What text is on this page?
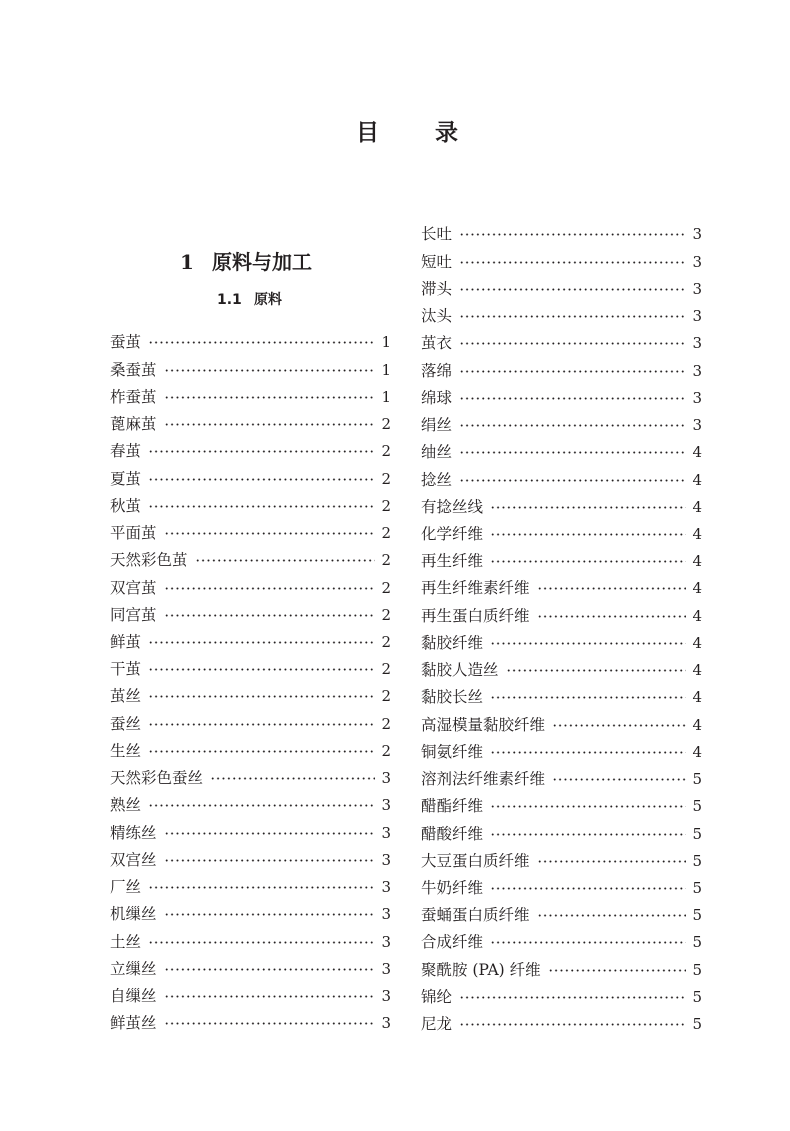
目录
1 原料与加工
1.1 原料
蚕茧	1
桑蚕茧	1
柞蚕茧	1
蓖麻茧	2
春茧	2
夏茧	2
秋茧	2
平面茧	2
天然彩色茧	2
双宫茧	2
同宫茧	2
鲜茧	2
干茧	2
茧丝	2
蚕丝	2
生丝	2
天然彩色蚕丝	3
熟丝	3
精练丝	3
双宫丝	3
厂丝	3
机缫丝	3
土丝	3
立缫丝	3
自缫丝	3
鲜茧丝	3
长吐	3
短吐	3
滞头	3
汰头	3
茧衣	3
落绵	3
绵球	3
绢丝	3
䌷丝	4
捻丝	4
有捻丝线	4
化学纤维	4
再生纤维	4
再生纤维素纤维	4
再生蛋白质纤维	4
黏胶纤维	4
黏胶人造丝	4
黏胶长丝	4
高湿模量黏胶纤维	4
铜氨纤维	4
溶剂法纤维素纤维	5
醋酯纤维	5
醋酸纤维	5
大豆蛋白质纤维	5
牛奶纤维	5
蚕蛹蛋白质纤维	5
合成纤维	5
聚酰胺 (PA) 纤维	5
锦纶	5
尼龙	5
